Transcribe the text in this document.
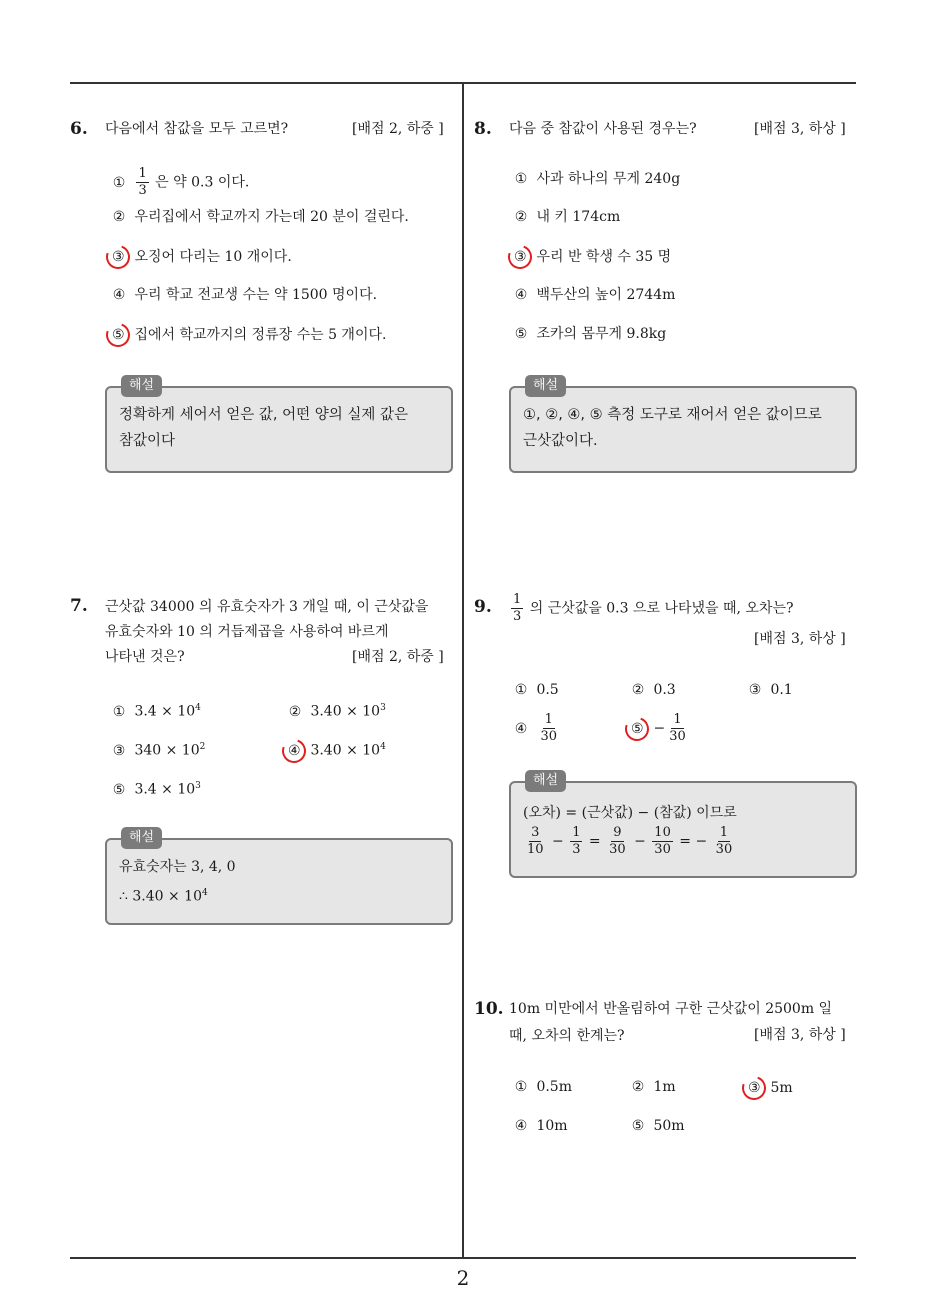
6. 다음에서 참값을 모두 고르면?	[배점 2, 하중 ]
① $\frac{1}{3}$ 은 약 0.3 이다.
② 우리집에서 학교까지 가는데 20 분이 걸린다.
③ 오징어 다리는 10 개이다.
④ 우리 학교 전교생 수는 약 1500 명이다.
⑤ 집에서 학교까지의 정류장 수는 5 개이다.
해설
정확하게 세어서 얻은 값, 어떤 양의 실제 값은
참값이다
7. 근삿값 34000 의 유효숫자가 3 개일 때, 이 근삿값을
유효숫자와 10 의 거듭제곱을 사용하여 바르게
나타낸 것은?	[배점 2, 하중 ]
① $3.4 \times 10^4$	② $3.40 \times 10^3$
③ $340 \times 10^2$	④ $3.40 \times 10^4$
⑤ $3.4 \times 10^3$
해설
유효숫자는 3, 4, 0
∴ $3.40 \times 10^4$
8. 다음 중 참값이 사용된 경우는?	[배점 3, 하상 ]
① 사과 하나의 무게 240g
② 내 키 174cm
③ 우리 반 학생 수 35 명
④ 백두산의 높이 2744m
⑤ 조카의 몸무게 9.8kg
해설
①, ②, ④, ⑤ 측정 도구로 재어서 얻은 값이므로
근삿값이다.
9. $\frac{1}{3}$ 의 근삿값을 0.3 으로 나타냈을 때, 오차는?
[배점 3, 하상 ]
① 0.5	② 0.3	③ 0.1
④ $\frac{1}{30}$	⑤ − $\frac{1}{30}$
해설
(오차) = (근삿값) − (참값) 이므로
$\frac{3}{10} - \frac{1}{3} = \frac{9}{30} - \frac{10}{30}$ = − $\frac{1}{30}$
10. 10m 미만에서 반올림하여 구한 근삿값이 2500m 일
때, 오차의 한계는?	[배점 3, 하상 ]
① 0.5m	② 1m	③ 5m
④ 10m	⑤ 50m
2
